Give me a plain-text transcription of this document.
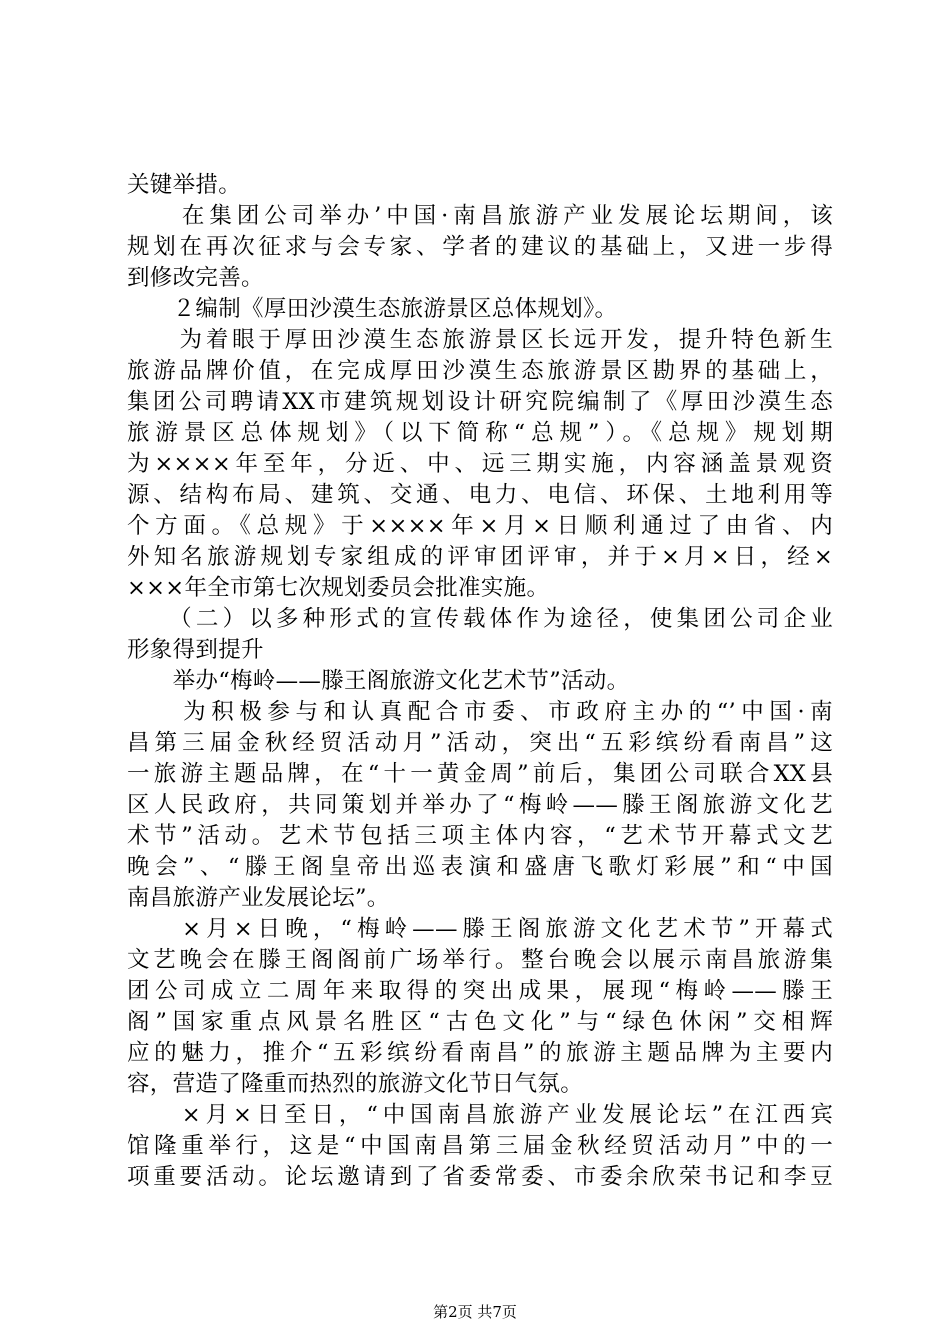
关键举措。
　　在集团公司举办’中国·南昌旅游产业发展论坛期间，该
规划在再次征求与会专家、学者的建议的基础上，又进一步得
到修改完善。
　　２编制《厚田沙漠生态旅游景区总体规划》。
　　为着眼于厚田沙漠生态旅游景区长远开发，提升特色新生
旅游品牌价值，在完成厚田沙漠生态旅游景区勘界的基础上，
集团公司聘请XX市建筑规划设计研究院编制了《厚田沙漠生态
旅游景区总体规划》（以下简称“总规”）。《总规》规划期
为××××年至年，分近、中、远三期实施，内容涵盖景观资
源、结构布局、建筑、交通、电力、电信、环保、土地利用等
个方面。《总规》于××××年×月×日顺利通过了由省、内
外知名旅游规划专家组成的评审团评审，并于×月×日，经×
×××年全市第七次规划委员会批准实施。
　　（二）以多种形式的宣传载体作为途径，使集团公司企业
形象得到提升
　　举办“梅岭——滕王阁旅游文化艺术节”活动。
　　为积极参与和认真配合市委、市政府主办的“’中国·南
昌第三届金秋经贸活动月”活动，突出“五彩缤纷看南昌”这
一旅游主题品牌，在“十一黄金周”前后，集团公司联合XX县
区人民政府，共同策划并举办了“梅岭——滕王阁旅游文化艺
术节”活动。艺术节包括三项主体内容，“艺术节开幕式文艺
晚会”、“滕王阁皇帝出巡表演和盛唐飞歌灯彩展”和“中国
南昌旅游产业发展论坛”。
　　×月×日晚，“梅岭——滕王阁旅游文化艺术节”开幕式
文艺晚会在滕王阁阁前广场举行。整台晚会以展示南昌旅游集
团公司成立二周年来取得的突出成果，展现“梅岭——滕王
阁”国家重点风景名胜区“古色文化”与“绿色休闲”交相辉
应的魅力，推介“五彩缤纷看南昌”的旅游主题品牌为主要内
容，营造了隆重而热烈的旅游文化节日气氛。
　　×月×日至日，“中国南昌旅游产业发展论坛”在江西宾
馆隆重举行，这是“中国南昌第三届金秋经贸活动月”中的一
项重要活动。论坛邀请到了省委常委、市委余欣荣书记和李豆
第2页 共7页
